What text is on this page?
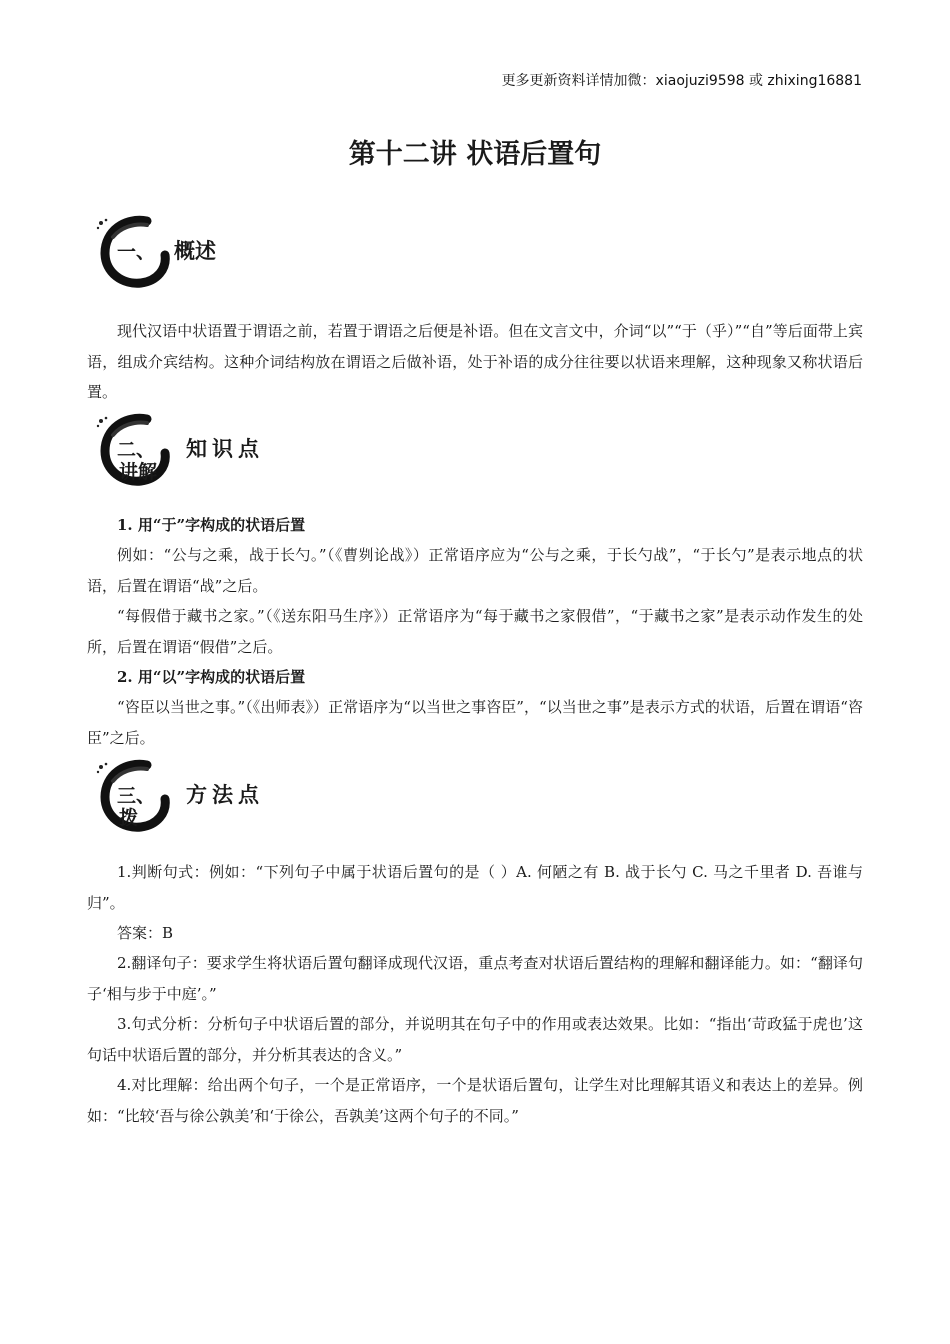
更多更新资料详情加微：xiaojuzi9598 或 zhixing16881
第十二讲 状语后置句
一、 概述

现代汉语中状语置于谓语之前，若置于谓语之后便是补语。但在文言文中，介词“以”“于（乎）”“自”等后面带上宾语，组成介宾结构。这种介词结构放在谓语之后做补语，处于补语的成分往往要以状语来理解，这种现象又称状语后置。

二、
讲解
知识点

1. 用“于”字构成的状语后置

例如：“公与之乘，战于长勺。”（《曹刿论战》）正常语序应为“公与之乘，于长勺战”，“于长勺”是表示地点的状语，后置在谓语“战”之后。

“每假借于藏书之家。”（《送东阳马生序》）正常语序为“每于藏书之家假借”，“于藏书之家”是表示动作发生的处所，后置在谓语“假借”之后。

2. 用“以”字构成的状语后置

“咨臣以当世之事。”（《出师表》）正常语序为“以当世之事咨臣”，“以当世之事”是表示方式的状语，后置在谓语“咨臣”之后。

三、
拨
方法点

1.判断句式：例如：“下列句子中属于状语后置句的是（ ）A. 何陋之有 B. 战于长勺 C. 马之千里者 D. 吾谁与归”。

答案：B

2.翻译句子：要求学生将状语后置句翻译成现代汉语，重点考查对状语后置结构的理解和翻译能力。如：“翻译句子‘相与步于中庭’。”

3.句式分析：分析句子中状语后置的部分，并说明其在句子中的作用或表达效果。比如：“指出‘苛政猛于虎也’这句话中状语后置的部分，并分析其表达的含义。”

4.对比理解：给出两个句子，一个是正常语序，一个是状语后置句，让学生对比理解其语义和表达上的差异。例如：“比较‘吾与徐公孰美’和‘于徐公，吾孰美’这两个句子的不同。”
